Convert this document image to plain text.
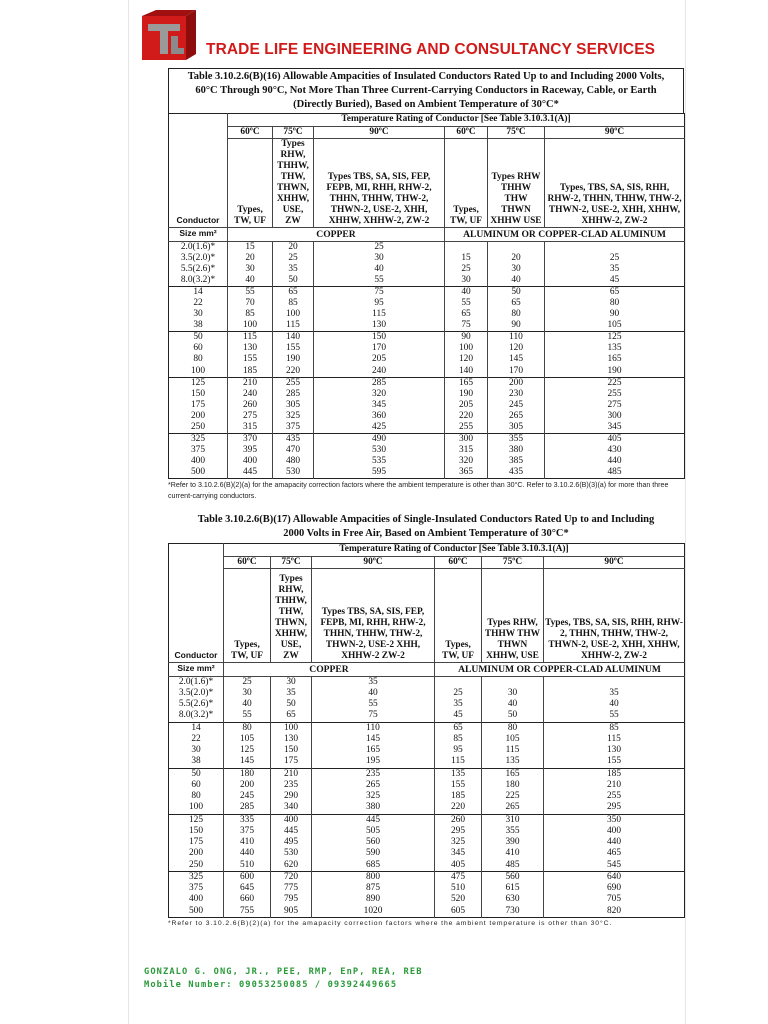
TRADE LIFE ENGINEERING AND CONSULTANCY SERVICES
Table 3.10.2.6(B)(16) Allowable Ampacities of Insulated Conductors Rated Up to and Including 2000 Volts,
60°C Through 90°C, Not More Than Three Current-Carrying Conductors in Raceway, Cable, or Earth
(Directly Buried), Based on Ambient Temperature of 30°C*
Conductor	Temperature Rating of Conductor [See Table 3.10.3.1(A)]					
	60ºC	75ºC	90ºC	60ºC	75ºC	90ºC
	Types, TW, UF	Types RHW, THHW, THW, THWN, XHHW, USE, ZW	Types TBS, SA, SIS, FEP, FEPB, MI, RHH, RHW-2, THHN, THHW, THW-2, THWN-2, USE-2, XHH, XHHW, XHHW-2, ZW-2	Types, TW, UF	Types RHW THHW THW THWN XHHW USE	Types, TBS, SA, SIS, RHH, RHW-2, THHN, THHW, THW-2, THWN-2, USE-2, XHH, XHHW, XHHW-2, ZW-2
Size mm²	COPPER			ALUMINUM OR COPPER-CLAD ALUMINUM		
2.0(1.6)*	15	20	25			
3.5(2.0)*	20	25	30	15	20	25
5.5(2.6)*	30	35	40	25	30	35
8.0(3.2)*	40	50	55	30	40	45
14	55	65	75	40	50	65
22	70	85	95	55	65	80
30	85	100	115	65	80	90
38	100	115	130	75	90	105
50	115	140	150	90	110	125
60	130	155	170	100	120	135
80	155	190	205	120	145	165
100	185	220	240	140	170	190
125	210	255	285	165	200	225
150	240	285	320	190	230	255
175	260	305	345	205	245	275
200	275	325	360	220	265	300
250	315	375	425	255	305	345
325	370	435	490	300	355	405
375	395	470	530	315	380	430
400	400	480	535	320	385	440
500	445	530	595	365	435	485
*Refer to 3.10.2.6(B)(2)(a) for the amapacity correction factors where the ambient temperature is other than 30°C. Refer to 3.10.2.6(B)(3)(a) for more than three current-carrying conductors.
Table 3.10.2.6(B)(17) Allowable Ampacities of Single-Insulated Conductors Rated Up to and Including
2000 Volts in Free Air, Based on Ambient Temperature of 30°C*
Conductor	Temperature Rating of Conductor [See Table 3.10.3.1(A)]					
	60ºC	75ºC	90ºC	60ºC	75ºC	90ºC
	Types, TW, UF	Types RHW, THHW, THW, THWN, XHHW, USE, ZW	Types TBS, SA, SIS, FEP, FEPB, MI, RHH, RHW-2, THHN, THHW, THW-2, THWN-2, USE-2 XHH, XHHW-2 ZW-2	Types, TW, UF	Types RHW, THHW THW THWN XHHW, USE	Types, TBS, SA, SIS, RHH, RHW-2, THHN, THHW, THW-2, THWN-2, USE-2, XHH, XHHW, XHHW-2, ZW-2
Size mm²	COPPER			ALUMINUM OR COPPER-CLAD ALUMINUM		
2.0(1.6)*	25	30	35			
3.5(2.0)*	30	35	40	25	30	35
5.5(2.6)*	40	50	55	35	40	40
8.0(3.2)*	55	65	75	45	50	55
14	80	100	110	65	80	85
22	105	130	145	85	105	115
30	125	150	165	95	115	130
38	145	175	195	115	135	155
50	180	210	235	135	165	185
60	200	235	265	155	180	210
80	245	290	325	185	225	255
100	285	340	380	220	265	295
125	335	400	445	260	310	350
150	375	445	505	295	355	400
175	410	495	560	325	390	440
200	440	530	590	345	410	465
250	510	620	685	405	485	545
325	600	720	800	475	560	640
375	645	775	875	510	615	690
400	660	795	890	520	630	705
500	755	905	1020	605	730	820
*Refer to 3.10.2.6(B)(2)(a) for the amapacity correction factors where the ambient temperature is other than 30°C.
GONZALO G. ONG, JR., PEE, RMP, EnP, REA, REB
Mobile Number: 09053250085 / 09392449665
